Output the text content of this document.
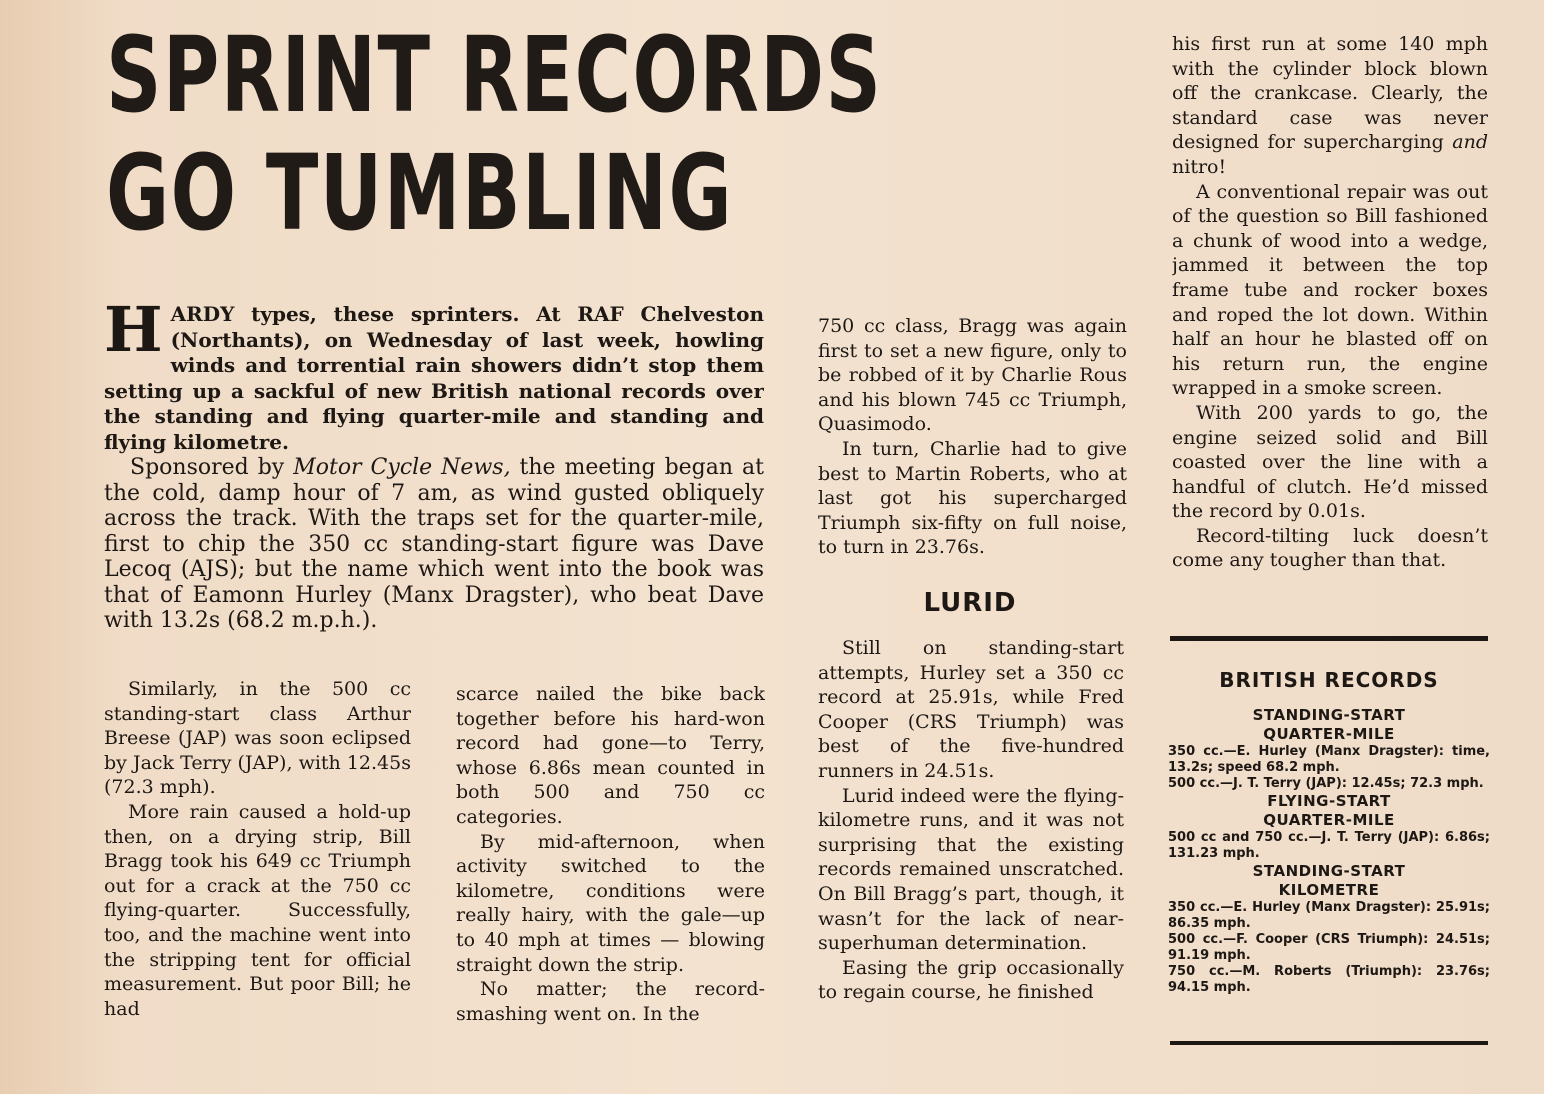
SPRINT RECORDS
GO TUMBLING

HARDY types, these sprinters. At RAF Chelveston (Northants), on Wednesday of last week, howling winds and torrential rain showers didn’t stop them setting up a sackful of new British national records over the standing and flying quarter-mile and standing and flying kilometre.

Sponsored by Motor Cycle News, the meeting began at the cold, damp hour of 7 am, as wind gusted obliquely across the track. With the traps set for the quarter-mile, first to chip the 350 cc standing-start figure was Dave Lecoq (AJS); but the name which went into the book was that of Eamonn Hurley (Manx Dragster), who beat Dave with 13.2s (68.2 m.p.h.).

Similarly, in the 500 cc standing-start class Arthur Breese (JAP) was soon eclipsed by Jack Terry (JAP), with 12.45s (72.3 mph).

More rain caused a hold-up then, on a drying strip, Bill Bragg took his 649 cc Triumph out for a crack at the 750 cc flying-quarter. Successfully, too, and the machine went into the stripping tent for official measurement. But poor Bill; he had

scarce nailed the bike back together before his hard-won record had gone—to Terry, whose 6.86s mean counted in both 500 and 750 cc categories.

By mid-afternoon, when activity switched to the kilometre, conditions were really hairy, with the gale—up to 40 mph at times — blowing straight down the strip.

No matter; the record-smashing went on. In the

750 cc class, Bragg was again first to set a new figure, only to be robbed of it by Charlie Rous and his blown 745 cc Triumph, Quasimodo.

In turn, Charlie had to give best to Martin Roberts, who at last got his supercharged Triumph six-fifty on full noise, to turn in 23.76s.

LURID

Still on standing-start attempts, Hurley set a 350 cc record at 25.91s, while Fred Cooper (CRS Triumph) was best of the five-hundred runners in 24.51s.

Lurid indeed were the flying-kilometre runs, and it was not surprising that the existing records remained unscratched. On Bill Bragg’s part, though, it wasn’t for the lack of near-superhuman determination.

Easing the grip occasionally to regain course, he finished

his first run at some 140 mph with the cylinder block blown off the crankcase. Clearly, the standard case was never designed for supercharging and nitro!

A conventional repair was out of the question so Bill fashioned a chunk of wood into a wedge, jammed it between the top frame tube and rocker boxes and roped the lot down. Within half an hour he blasted off on his return run, the engine wrapped in a smoke screen.

With 200 yards to go, the engine seized solid and Bill coasted over the line with a handful of clutch. He’d missed the record by 0.01s.

Record-tilting luck doesn’t come any tougher than that.

BRITISH RECORDS

STANDING-START

QUARTER-MILE

350 cc.—E. Hurley (Manx Dragster): time, 13.2s; speed 68.2 mph.

500 cc.—J. T. Terry (JAP): 12.45s; 72.3 mph.

FLYING-START

QUARTER-MILE

500 cc and 750 cc.—J. T. Terry (JAP): 6.86s; 131.23 mph.

STANDING-START

KILOMETRE

350 cc.—E. Hurley (Manx Dragster): 25.91s; 86.35 mph.

500 cc.—F. Cooper (CRS Triumph): 24.51s; 91.19 mph.

750 cc.—M. Roberts (Triumph): 23.76s; 94.15 mph.
